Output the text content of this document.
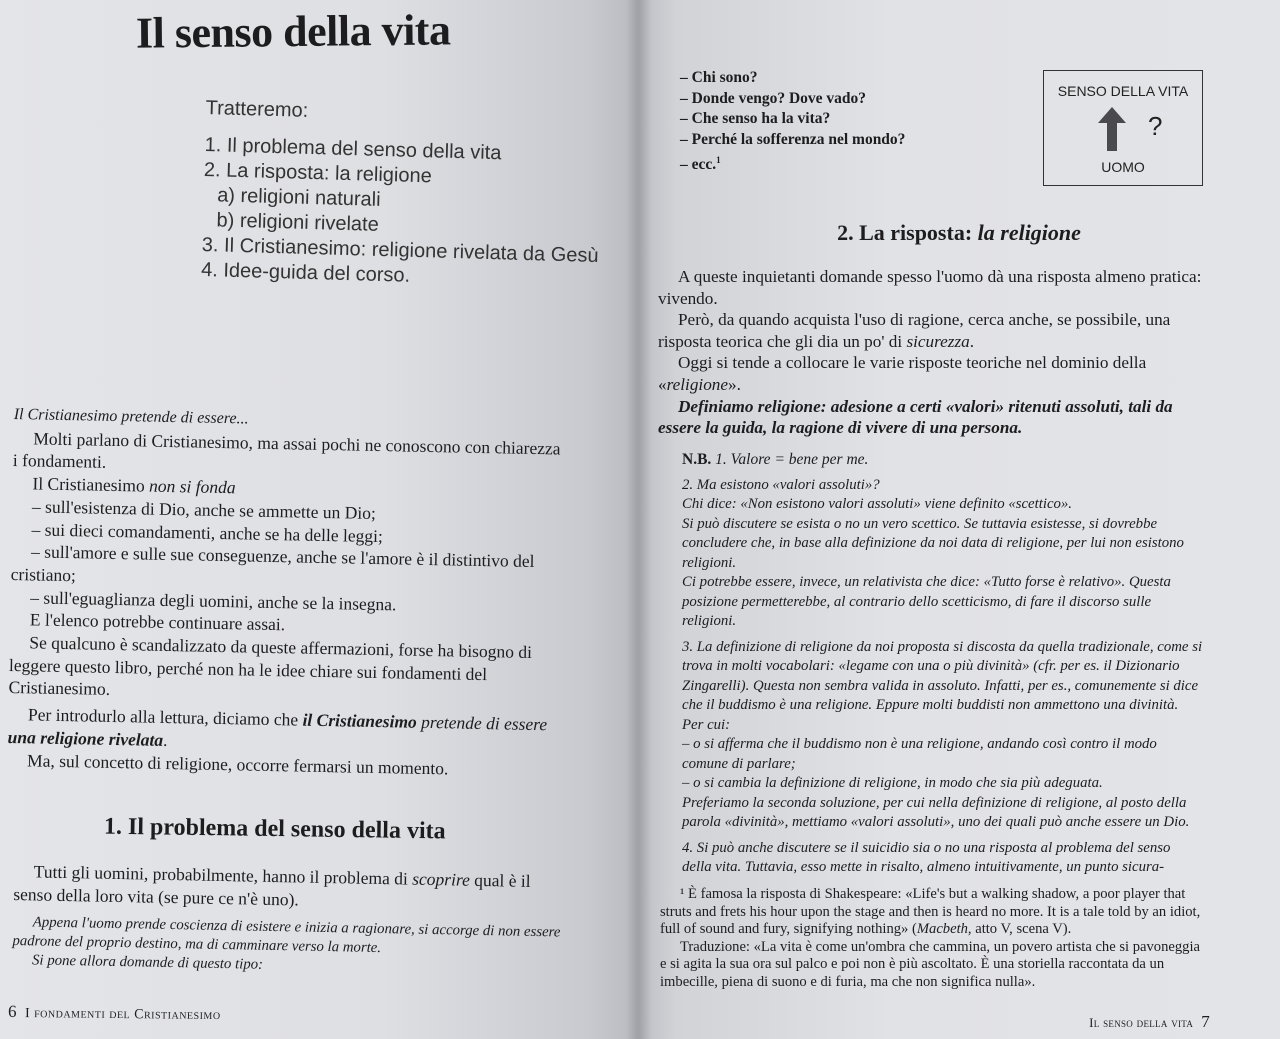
Il senso della vita
Tratteremo:
1. Il problema del senso della vita
2. La risposta: la religione
a) religioni naturali
b) religioni rivelate
3. Il Cristianesimo: religione rivelata da Gesù
4. Idee-guida del corso.

Il Cristianesimo pretende di essere...

Molti parlano di Cristianesimo, ma assai pochi ne conoscono con chiarezza i fondamenti.

Il Cristianesimo non si fonda

– sull'esistenza di Dio, anche se ammette un Dio;

– sui dieci comandamenti, anche se ha delle leggi;

– sull'amore e sulle sue conseguenze, anche se l'amore è il distintivo del cristiano;

– sull'eguaglianza degli uomini, anche se la insegna.

E l'elenco potrebbe continuare assai.

Se qualcuno è scandalizzato da queste affermazioni, forse ha bisogno di leggere questo libro, perché non ha le idee chiare sui fondamenti del Cristianesimo.

Per introdurlo alla lettura, diciamo che il Cristianesimo pretende di essere una religione rivelata.

Ma, sul concetto di religione, occorre fermarsi un momento.

1. Il problema del senso della vita

Tutti gli uomini, probabilmente, hanno il problema di scoprire qual è il senso della loro vita (se pure ce n'è uno).

Appena l'uomo prende coscienza di esistere e inizia a ragionare, si accorge di non essere padrone del proprio destino, ma di camminare verso la morte.

Si pone allora domande di questo tipo:

6 I fondamenti del Cristianesimo
– Chi sono?
– Donde vengo? Dove vado?
– Che senso ha la vita?
– Perché la sofferenza nel mondo?
– ecc.$^1$
SENSO DELLA VITA
?
UOMO
2. La risposta: la religione

A queste inquietanti domande spesso l'uomo dà una risposta almeno pratica: vivendo.

Però, da quando acquista l'uso di ragione, cerca anche, se possibile, una risposta teorica che gli dia un po' di sicurezza.

Oggi si tende a collocare le varie risposte teoriche nel dominio della «religione».

Definiamo religione: adesione a certi «valori» ritenuti assoluti, tali da essere la guida, la ragione di vivere di una persona.

N.B. 1. Valore = bene per me.

2. Ma esistono «valori assoluti»?
Chi dice: «Non esistono valori assoluti» viene definito «scettico».
Si può discutere se esista o no un vero scettico. Se tuttavia esistesse, si dovrebbe concludere che, in base alla definizione da noi data di religione, per lui non esistono religioni.
Ci potrebbe essere, invece, un relativista che dice: «Tutto forse è relativo». Questa posizione permetterebbe, al contrario dello scetticismo, di fare il discorso sulle religioni.
3. La definizione di religione da noi proposta si discosta da quella tradizionale, come si trova in molti vocabolari: «legame con una o più divinità» (cfr. per es. il Dizionario Zingarelli). Questa non sembra valida in assoluto. Infatti, per es., comunemente si dice che il buddismo è una religione. Eppure molti buddisti non ammettono una divinità. Per cui:
– o si afferma che il buddismo non è una religione, andando così contro il modo comune di parlare;
– o si cambia la definizione di religione, in modo che sia più adeguata.
Preferiamo la seconda soluzione, per cui nella definizione di religione, al posto della parola «divinità», mettiamo «valori assoluti», uno dei quali può anche essere un Dio.
4. Si può anche discutere se il suicidio sia o no una risposta al problema del senso della vita. Tuttavia, esso mette in risalto, almeno intuitivamente, un punto sicura-

¹ È famosa la risposta di Shakespeare: «Life's but a walking shadow, a poor player that struts and frets his hour upon the stage and then is heard no more. It is a tale told by an idiot, full of sound and fury, signifying nothing» (Macbeth, atto V, scena V).

Traduzione: «La vita è come un'ombra che cammina, un povero artista che si pavoneggia e si agita la sua ora sul palco e poi non è più ascoltato. È una storiella raccontata da un imbecille, piena di suono e di furia, ma che non significa nulla».

Il senso della vita 7
